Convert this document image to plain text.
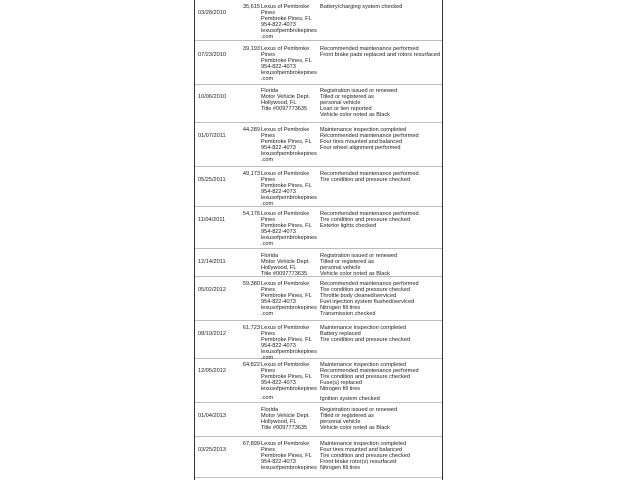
03/28/2010
35,615 Lexus of Pembroke
Pines
Pembroke Pines, FL
954-822-4073
lexusofpembrokepines
.com
Battery/charging system checked
07/23/2010
39,193 Lexus of Pembroke
Pines
Pembroke Pines, FL
954-822-4073
lexusofpembrokepines
.com
Recommended maintenance performed
Front brake pads replaced and rotors resurfaced
10/06/2010
Florida
Motor Vehicle Dept.
Hollywood, FL
Title #0097773635
Registration issued or renewed
Titled or registered as
personal vehicle
Loan or lien reported
Vehicle color noted as Black
01/07/2011
44,289 Lexus of Pembroke
Pines
Pembroke Pines, FL
954-822-4073
lexusofpembrokepines
.com
Maintenance inspection completed
Recommended maintenance performed
Four tires mounted and balanced
Four wheel alignment performed
05/25/2011
49,173 Lexus of Pembroke
Pines
Pembroke Pines, FL
954-822-4073
lexusofpembrokepines
.com
Recommended maintenance performed
Tire condition and pressure checked
11/04/2011
54,176 Lexus of Pembroke
Pines
Pembroke Pines, FL
954-822-4073
lexusofpembrokepines
.com
Recommended maintenance performed
Tire condition and pressure checked
Exterior lights checked
12/14/2011
Florida
Motor Vehicle Dept.
Hollywood, FL
Title #0097773635
Registration issued or renewed
Titled or registered as
personal vehicle
Vehicle color noted as Black
05/02/2012
59,380 Lexus of Pembroke
Pines
Pembroke Pines, FL
954-822-4073
lexusofpembrokepines
.com
Recommended maintenance performed
Tire condition and pressure checked
Throttle body cleaned/serviced
Fuel injection system flushed/serviced
Nitrogen fill tires
Transmission checked
08/10/2012
61,723 Lexus of Pembroke
Pines
Pembroke Pines, FL
954-822-4073
lexusofpembrokepines
.com
Maintenance inspection completed
Battery replaced
Tire condition and pressure checked
12/05/2012
64,822 Lexus of Pembroke
Pines
Pembroke Pines, FL
954-822-4073
lexusofpembrokepines
.com
Maintenance inspection completed
Recommended maintenance performed
Tire condition and pressure checked
Fuse(s) replaced
Nitrogen fill tires
Ignition system checked
01/04/2013
Florida
Motor Vehicle Dept.
Hollywood, FL
Title #0097773635
Registration issued or renewed
Titled or registered as
personal vehicle
Vehicle color noted as Black
03/25/2013
67,899 Lexus of Pembroke
Pines
Pembroke Pines, FL
954-822-4073
lexusofpembrokepines
Maintenance inspection completed
Four tires mounted and balanced
Tire condition and pressure checked
Front brake rotor(s) resurfaced
Nitrogen fill tires
